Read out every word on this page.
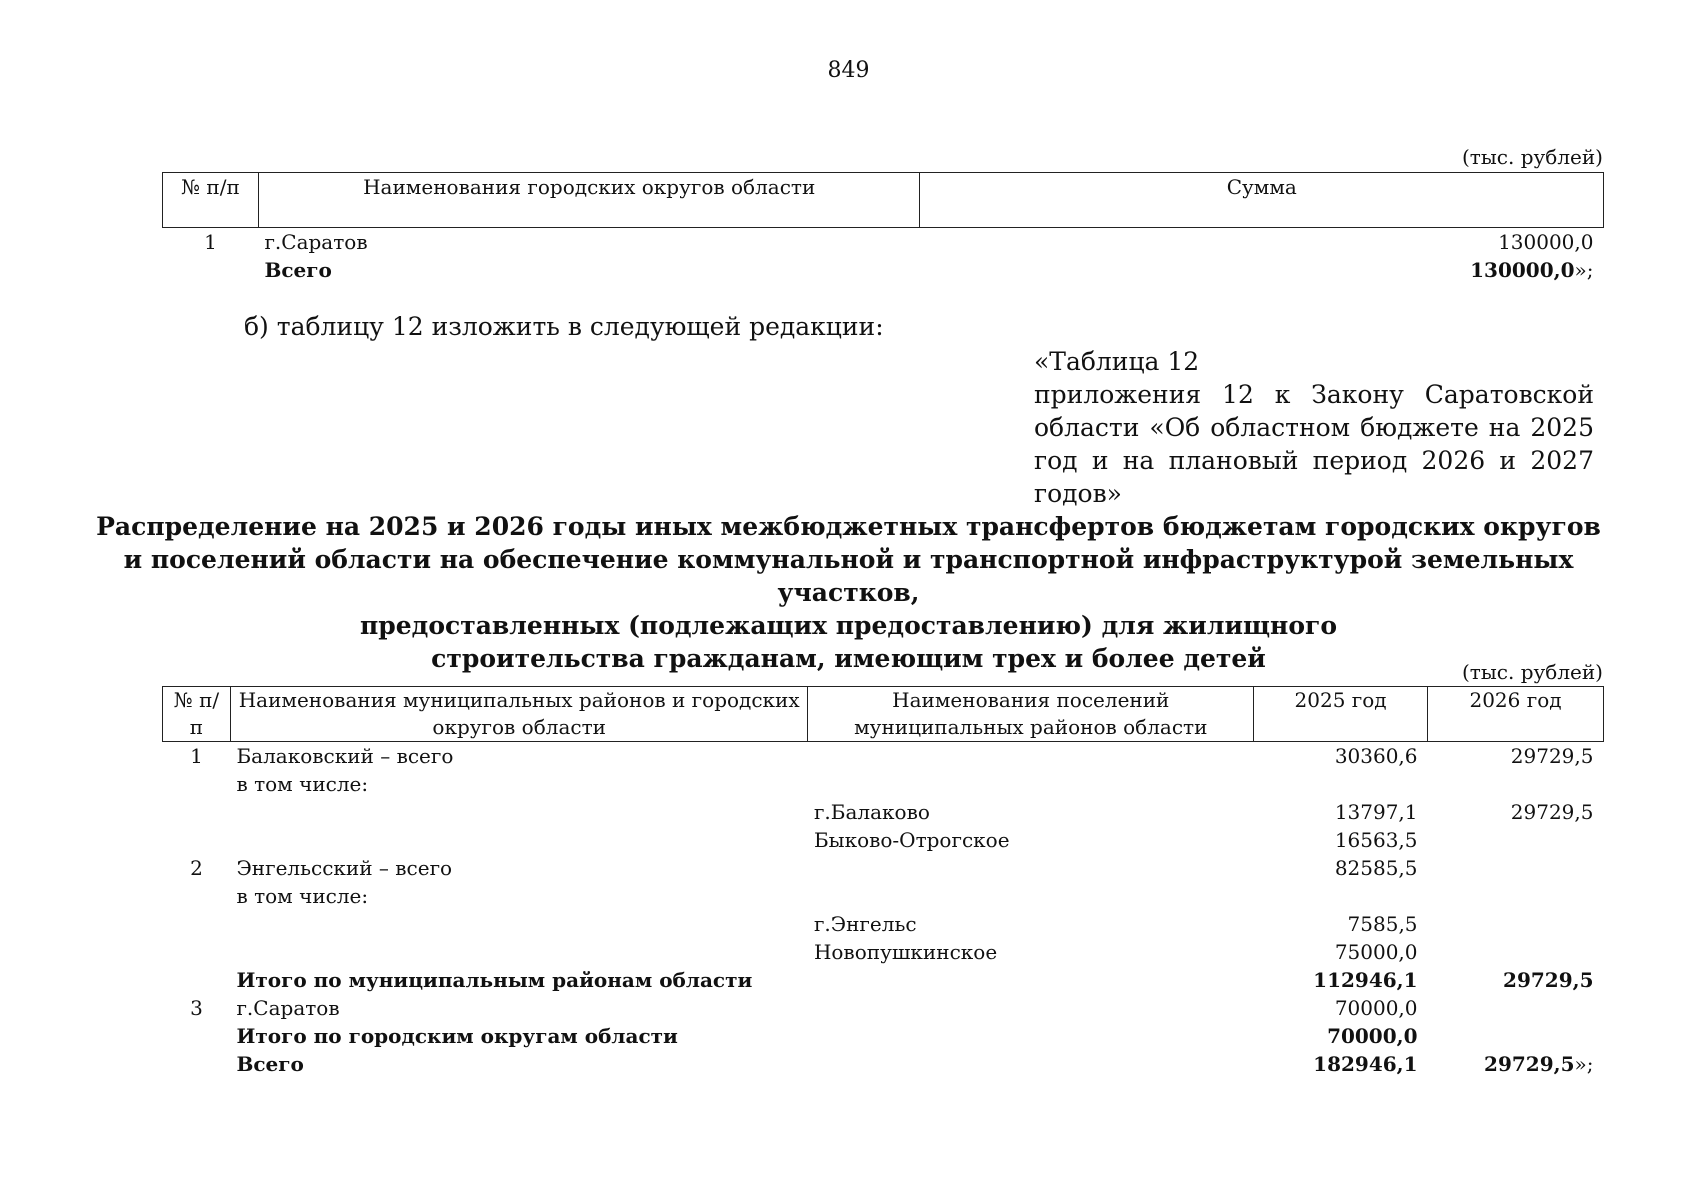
849
(тыс. рублей)
№ п/п	Наименования городских округов области	Сумма
1	г.Саратов	130000,0
	Всего	130000,0»;
б) таблицу 12 изложить в следующей редакции:
«Таблица 12
приложения 12 к Закону Саратовской области «Об областном бюджете на 2025 год и на плановый период 2026 и 2027 годов»
Распределение на 2025 и 2026 годы иных межбюджетных трансфертов бюджетам городских округов
и поселений области на обеспечение коммунальной и транспортной инфраструктурой земельных участков,
предоставленных (подлежащих предоставлению) для жилищного
строительства гражданам, имеющим трех и более детей	(тыс. рублей)
№ п/п	Наименования муниципальных районов и городских округов области	Наименования поселений муниципальных районов области	2025 год	2026 год
1	Балаковский – всего		30360,6	29729,5
	в том числе:			
		г.Балаково	13797,1	29729,5
		Быково-Отрогское	16563,5	
2	Энгельсский – всего		82585,5	
	в том числе:			
		г.Энгельс	7585,5	
		Новопушкинское	75000,0	
	Итого по муниципальным районам области		112946,1	29729,5
3	г.Саратов		70000,0	
	Итого по городским округам области		70000,0	
	Всего		182946,1	29729,5»;
